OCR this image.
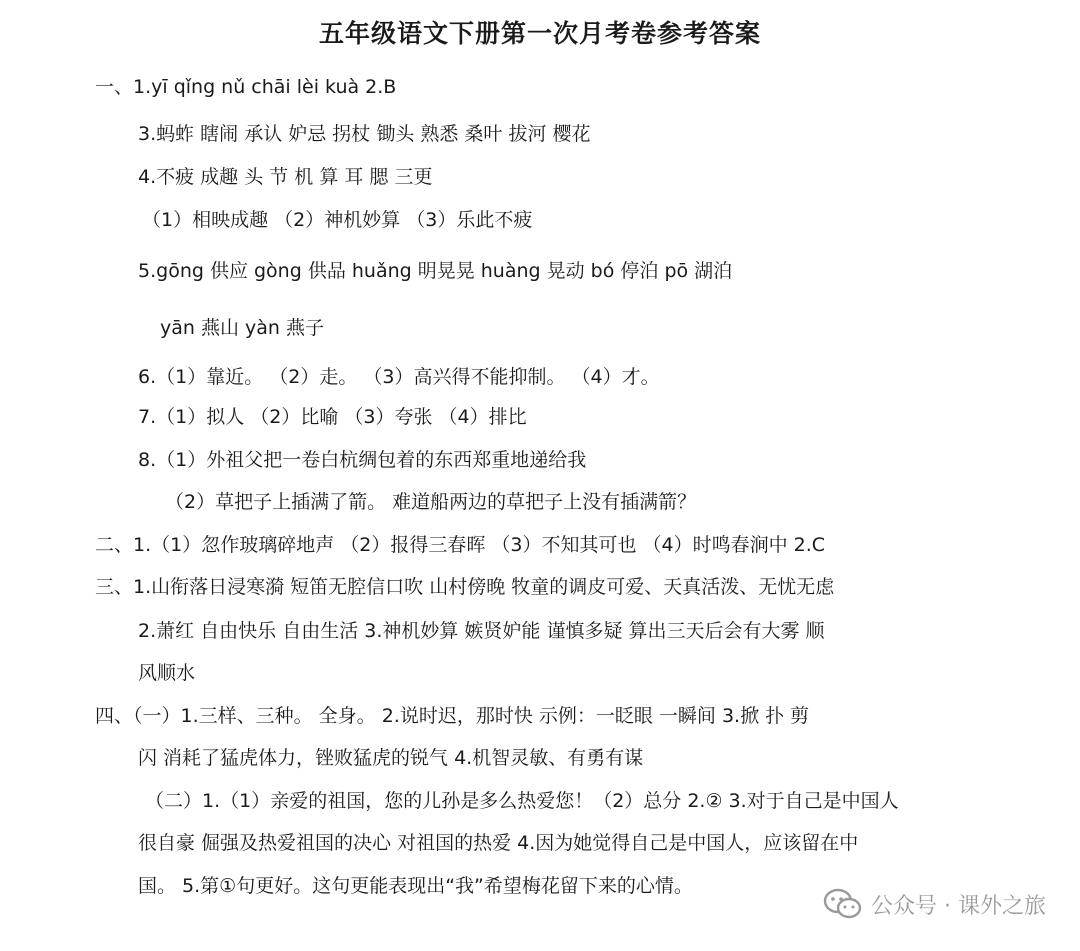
五年级语文下册第一次月考卷参考答案
一、1.yī qǐng nǔ chāi lèi kuà 2.B
3.蚂蚱 瞎闹 承认 妒忌 拐杖 锄头 熟悉 桑叶 拔河 樱花
4.不疲 成趣 头 节 机 算 耳 腮 三更
（1）相映成趣 （2）神机妙算 （3）乐此不疲
5.gōng 供应 gòng 供品 huǎng 明晃晃 huàng 晃动 bó 停泊 pō 湖泊
yān 燕山 yàn 燕子
6.（1）靠近。 （2）走。 （3）高兴得不能抑制。 （4）才。
7.（1）拟人 （2）比喻 （3）夸张 （4）排比
8.（1）外祖父把一卷白杭绸包着的东西郑重地递给我
（2）草把子上插满了箭。 难道船两边的草把子上没有插满箭？
二、1.（1）忽作玻璃碎地声 （2）报得三春晖 （3）不知其可也 （4）时鸣春涧中 2.C
三、1.山衔落日浸寒漪 短笛无腔信口吹 山村傍晚 牧童的调皮可爱、天真活泼、无忧无虑
2.萧红 自由快乐 自由生活 3.神机妙算 嫉贤妒能 谨慎多疑 算出三天后会有大雾 顺
风顺水
四、（一）1.三样、三种。 全身。 2.说时迟，那时快 示例：一眨眼 一瞬间 3.掀 扑 剪
闪 消耗了猛虎体力，锉败猛虎的锐气 4.机智灵敏、有勇有谋
（二）1.（1）亲爱的祖国，您的儿孙是多么热爱您！（2）总分 2.② 3.对于自己是中国人
很自豪 倔强及热爱祖国的决心 对祖国的热爱 4.因为她觉得自己是中国人，应该留在中
国。 5.第①句更好。这句更能表现出“我”希望梅花留下来的心情。
公众号 · 课外之旅
